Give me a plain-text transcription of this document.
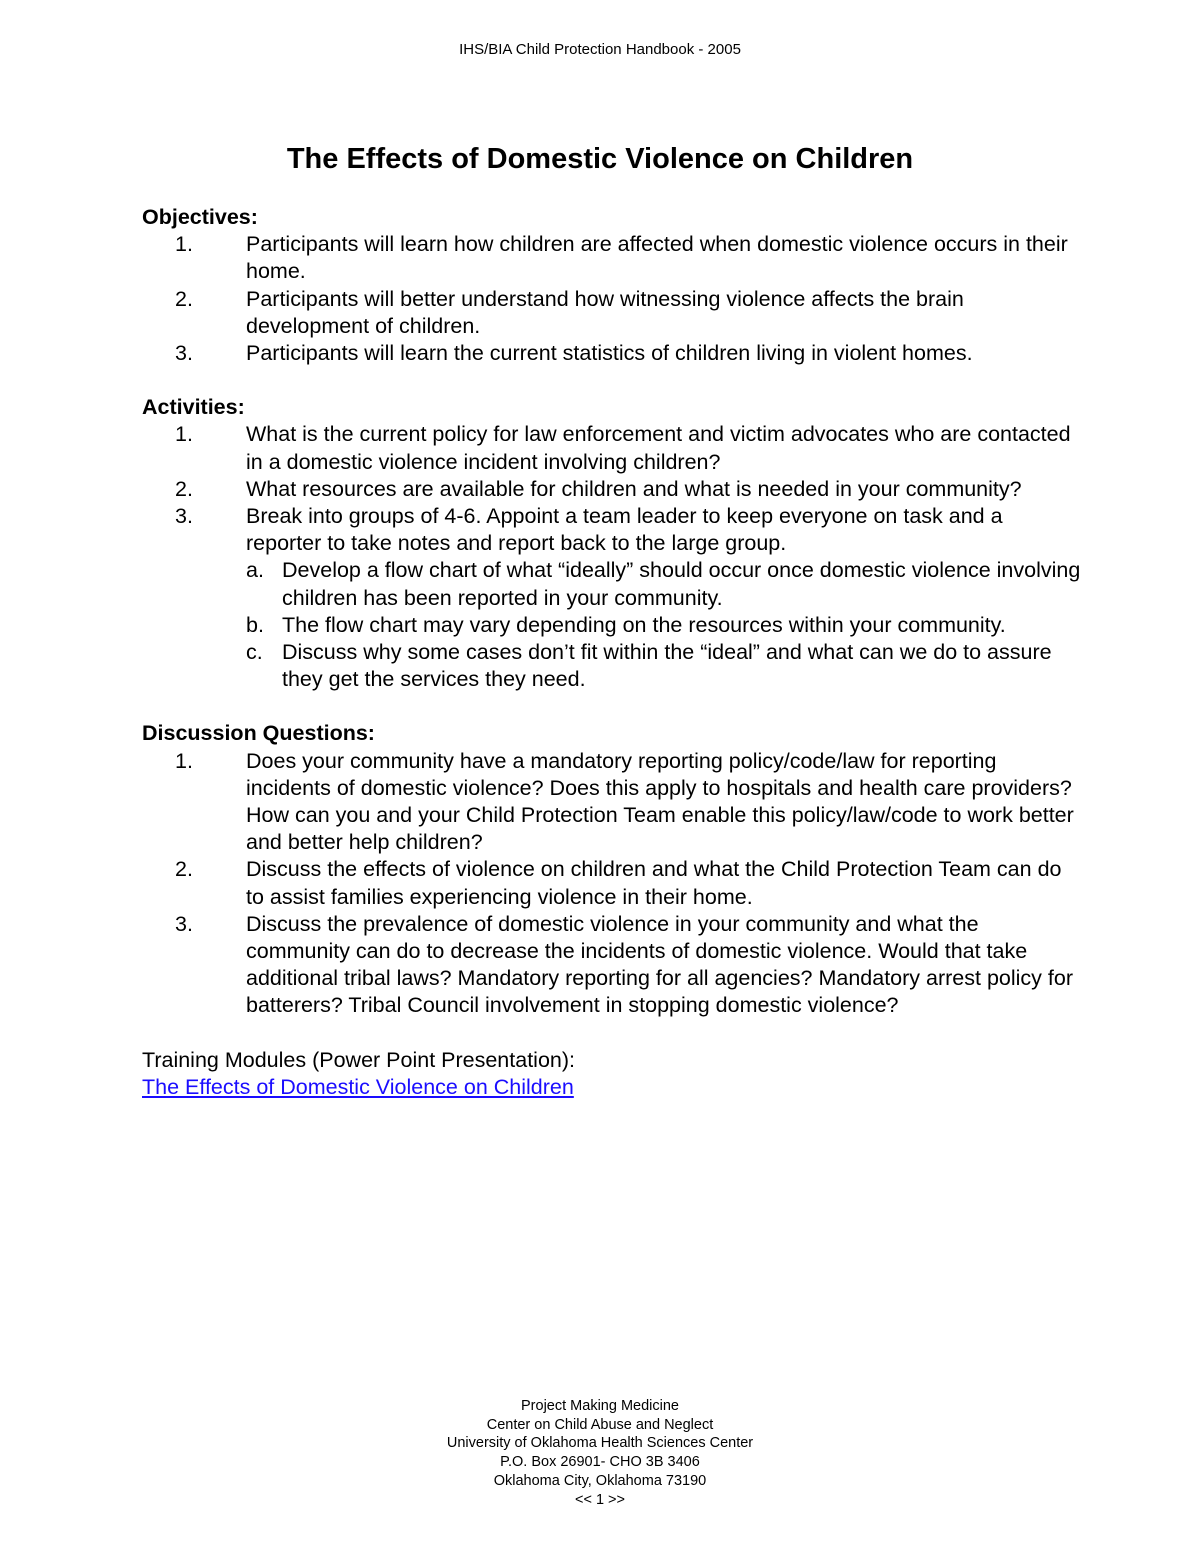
IHS/BIA Child Protection Handbook - 2005
The Effects of Domestic Violence on Children
Objectives:
1. Participants will learn how children are affected when domestic violence occurs in their home.
2. Participants will better understand how witnessing violence affects the brain development of children.
3. Participants will learn the current statistics of children living in violent homes.
Activities:
1. What is the current policy for law enforcement and victim advocates who are contacted in a domestic violence incident involving children?
2. What resources are available for children and what is needed in your community?
3. Break into groups of 4-6. Appoint a team leader to keep everyone on task and a reporter to take notes and report back to the large group.
a. Develop a flow chart of what “ideally” should occur once domestic violence involving children has been reported in your community.
b. The flow chart may vary depending on the resources within your community.
c. Discuss why some cases don’t fit within the “ideal” and what can we do to assure they get the services they need.
Discussion Questions:
1. Does your community have a mandatory reporting policy/code/law for reporting incidents of domestic violence? Does this apply to hospitals and health care providers? How can you and your Child Protection Team enable this policy/law/code to work better and better help children?
2. Discuss the effects of violence on children and what the Child Protection Team can do to assist families experiencing violence in their home.
3. Discuss the prevalence of domestic violence in your community and what the community can do to decrease the incidents of domestic violence. Would that take additional tribal laws? Mandatory reporting for all agencies? Mandatory arrest policy for batterers? Tribal Council involvement in stopping domestic violence?
Training Modules (Power Point Presentation):
The Effects of Domestic Violence on Children
Project Making Medicine
Center on Child Abuse and Neglect
University of Oklahoma Health Sciences Center
P.O. Box 26901- CHO 3B 3406
Oklahoma City, Oklahoma 73190
<< 1 >>
